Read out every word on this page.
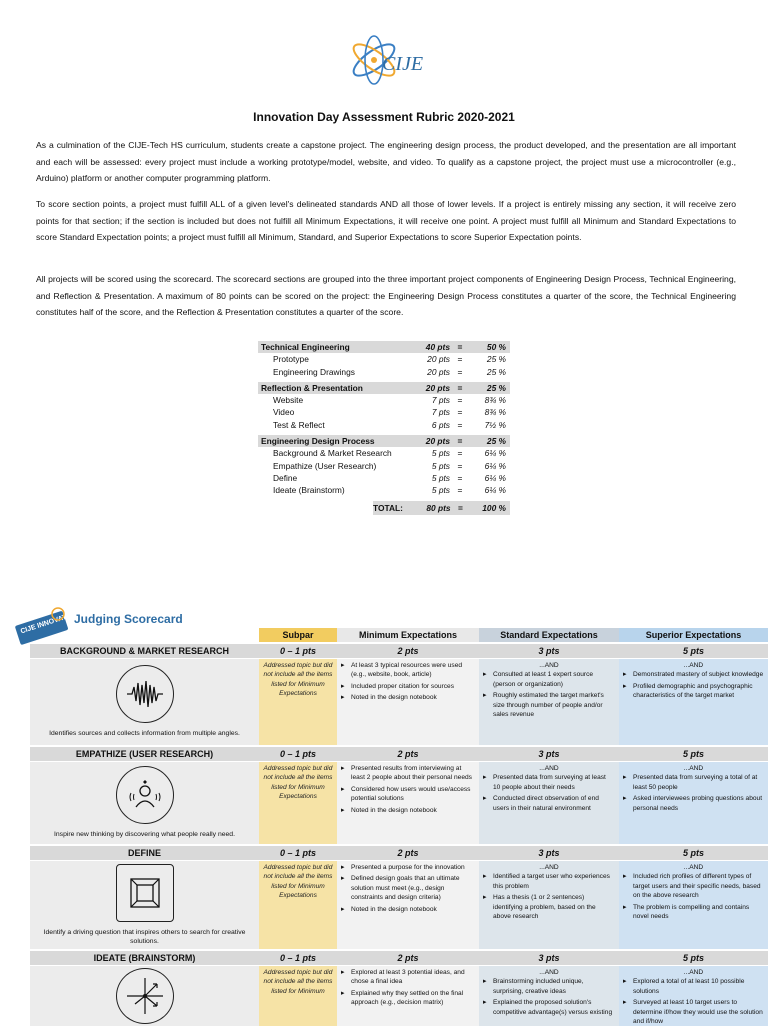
CIJE
Innovation Day Assessment Rubric 2020-2021

As a culmination of the CIJE-Tech HS curriculum, students create a capstone project. The engineering design process, the product developed, and the presentation are all important and each will be assessed: every project must include a working prototype/model, website, and video. To qualify as a capstone project, the project must use a microcontroller (e.g., Arduino) platform or another computer programming platform.

To score section points, a project must fulfill ALL of a given level's delineated standards AND all those of lower levels. If a project is entirely missing any section, it will receive zero points for that section; if the section is included but does not fulfill all Minimum Expectations, it will receive one point. A project must fulfill all Minimum and Standard Expectations to score Standard Expectation points; a project must fulfill all Minimum, Standard, and Superior Expectations to score Superior Expectation points.

All projects will be scored using the scorecard. The scorecard sections are grouped into the three important project components of Engineering Design Process, Technical Engineering, and Reflection & Presentation. A maximum of 80 points can be scored on the project: the Engineering Design Process constitutes a quarter of the score, the Technical Engineering constitutes half of the score, and the Reflection & Presentation constitutes a quarter of the score.

Technical Engineering	40 pts =	50 %
Prototype	20 pts =	25 %
Engineering Drawings	20 pts =	25 %
Reflection & Presentation	20 pts =	25 %
Website	7 pts =	8¾ %
Video	7 pts =	8¾ %
Test & Reflect	6 pts =	7½ %
Engineering Design Process	20 pts =	25 %
Background & Market Research	5 pts =	6¼ %
Empathize (User Research)	5 pts =	6¼ %
Define	5 pts =	6¼ %
Ideate (Brainstorm)	5 pts =	6¼ %
TOTAL:	80 pts =	100 %
CIJE INNOVATION DAY
Judging Scorecard
Subpar	Minimum Expectations	Standard Expectations	Superior Expectations
BACKGROUND & MARKET RESEARCH	0 – 1 pts	2 pts	3 pts	5 pts
Identifies sources and collects information from multiple angles.
Addressed topic but did not include all the items listed for Minimum Expectations
▸ At least 3 typical resources were used (e.g., website, book, article)
▸ Included proper citation for sources
▸ Noted in the design notebook
...AND
▸ Consulted at least 1 expert source (person or organization)
▸ Roughly estimated the target market's size through number of people and/or sales revenue
...AND
▸ Demonstrated mastery of subject knowledge
▸ Profiled demographic and psychographic characteristics of the target market
EMPATHIZE (USER RESEARCH)	0 – 1 pts	2 pts	3 pts	5 pts
Inspire new thinking by discovering what people really need.
Addressed topic but did not include all the items listed for Minimum Expectations
▸ Presented results from interviewing at least 2 people about their personal needs
▸ Considered how users would use/access potential solutions
▸ Noted in the design notebook
...AND
▸ Presented data from surveying at least 10 people about their needs
▸ Conducted direct observation of end users in their natural environment
...AND
▸ Presented data from surveying a total of at least 50 people
▸ Asked interviewees probing questions about personal needs
DEFINE	0 – 1 pts	2 pts	3 pts	5 pts
Identify a driving question that inspires others to search for creative solutions.
Addressed topic but did not include all the items listed for Minimum Expectations
▸ Presented a purpose for the innovation
▸ Defined design goals that an ultimate solution must meet (e.g., design constraints and design criteria)
▸ Noted in the design notebook
...AND
▸ Identified a target user who experiences this problem
▸ Has a thesis (1 or 2 sentences) identifying a problem, based on the above research
...AND
▸ Included rich profiles of different types of target users and their specific needs, based on the above research
▸ The problem is compelling and contains novel needs
IDEATE (BRAINSTORM)	0 – 1 pts	2 pts	3 pts	5 pts
Addressed topic but did not include all the items listed for Minimum
▸ Explored at least 3 potential ideas, and chose a final idea
▸ Explained why they settled on the final approach (e.g., decision matrix)
...AND
▸ Brainstorming included unique, surprising, creative ideas
▸ Explained the proposed solution's competitive advantage(s) versus existing
...AND
▸ Explored a total of at least 10 possible solutions
▸ Surveyed at least 10 target users to determine if/how they would use the solution and if/how
